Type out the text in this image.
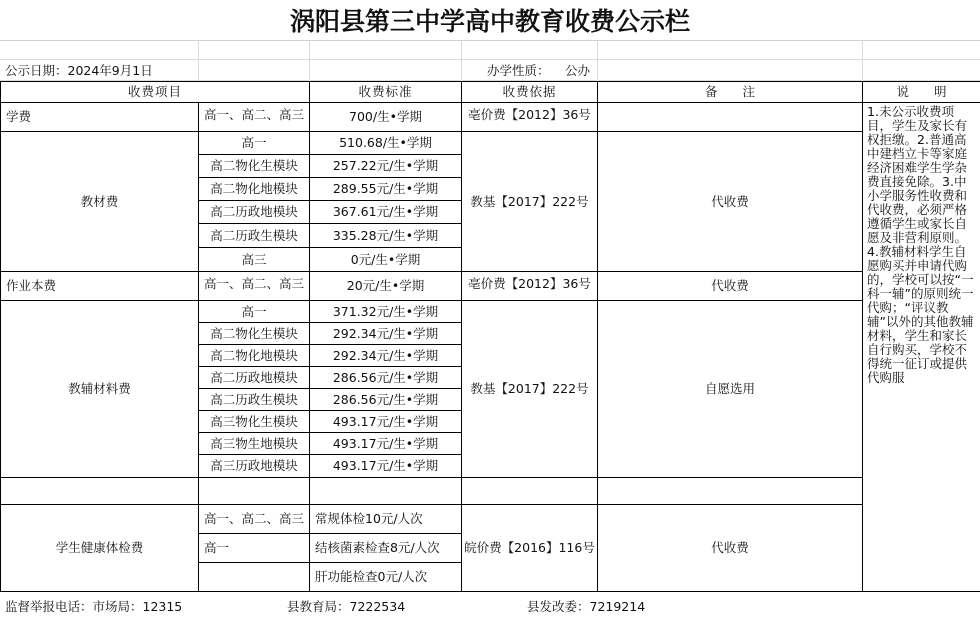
涡阳县第三中学高中教育收费公示栏
公示日期：2024年9月1日	办学性质： 公办
收费项目		收费标准	收费依据	备　　注	说　　明
学费	高一、高二、高三	700/生•学期	亳价费【2012】36号		1.未公示收费项目，学生及家长有权拒缴。2.普通高中建档立卡等家庭经济困难学生学杂费直接免除。3.中小学服务性收费和代收费，必须严格遵循学生或家长自愿及非营利原则。4.教辅材料学生自愿购买并申请代购的，学校可以按“一科一辅”的原则统一代购；“评议教辅”以外的其他教辅材料，学生和家长自行购买，学校不得统一征订或提供代购服
教材费	高一	510.68/生•学期	教基【2017】222号	代收费	
	高二物化生模块	257.22元/生•学期			
	高二物化地模块	289.55元/生•学期			
	高二历政地模块	367.61元/生•学期			
	高二历政生模块	335.28元/生•学期			
	高三	0元/生•学期			
作业本费	高一、高二、高三	20元/生•学期	亳价费【2012】36号	代收费	
教辅材料费	高一	371.32元/生•学期	教基【2017】222号	自愿选用	
	高二物化生模块	292.34元/生•学期			
	高二物化地模块	292.34元/生•学期			
	高二历政地模块	286.56元/生•学期			
	高二历政生模块	286.56元/生•学期			
	高三物化生模块	493.17元/生•学期			
	高三物生地模块	493.17元/生•学期			
	高三历政地模块	493.17元/生•学期			

学生健康体检费	高一、高二、高三	常规体检10元/人次	皖价费【2016】116号	代收费	
	高一	结核菌素检查8元/人次			
		肝功能检查0元/人次			
监督举报电话：市场局：12315	县教育局：7222534	县发改委：7219214
